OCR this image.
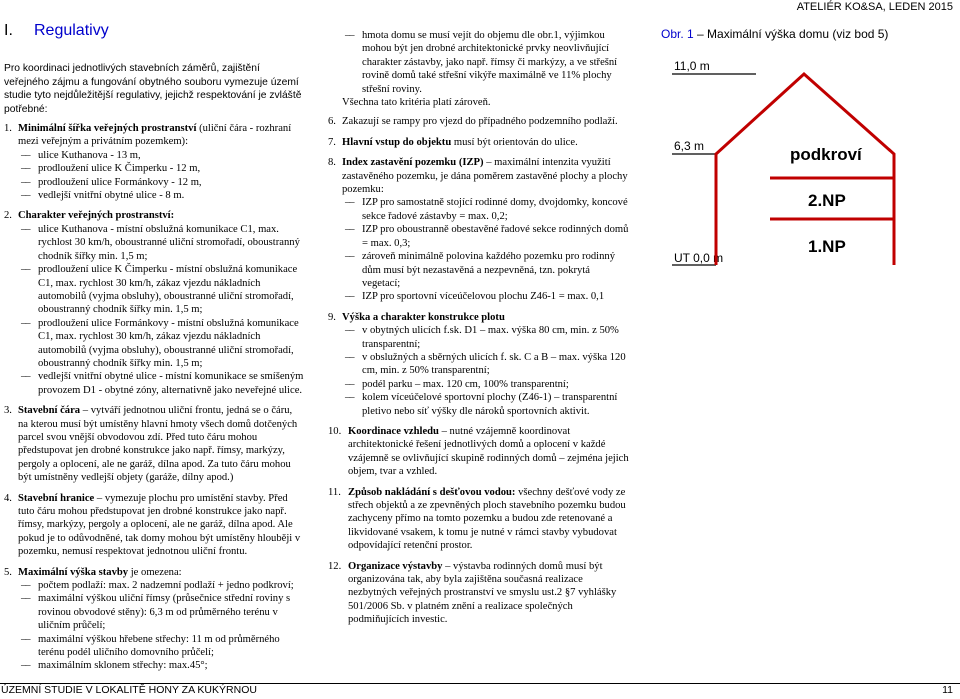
ATELIÉR KO&SA, LEDEN 2015
I. Regulativy

Pro koordinaci jednotlivých stavebních záměrů, zajištění veřejného zájmu a fungování obytného souboru vymezuje území studie tyto nejdůležitější regulativy, jejichž respektování je zvláště potřebné:

1. Minimální šířka veřejných prostranství (uliční čára - rozhraní mezi veřejným a privátním pozemkem):
–– ulice Kuthanova - 13 m,
–– prodloužení ulice K Čimperku - 12 m,
–– prodloužení ulice Formánkovy - 12 m,
–– vedlejší vnitřní obytné ulice - 8 m.
2. Charakter veřejných prostranství:
–– ulice Kuthanova - místní obslužná komunikace C1, max. rychlost 30 km/h, oboustranné uliční stromořadí, oboustranný chodník šířky min. 1,5 m;
–– prodloužení ulice K Čimperku - místní obslužná komunikace C1, max. rychlost 30 km/h, zákaz vjezdu nákladních automobilů (vyjma obsluhy), oboustranné uliční stromořadí, oboustranný chodník šířky min. 1,5 m;
–– prodloužení ulice Formánkovy - místní obslužná komunikace C1, max. rychlost 30 km/h, zákaz vjezdu nákladních automobilů (vyjma obsluhy), oboustranné uliční stromořadí, oboustranný chodník šířky min. 1,5 m;
–– vedlejší vnitřní obytné ulice - místní komunikace se smíšeným provozem D1 - obytné zóny, alternativně jako neveřejné ulice.
3. Stavební čára – vytváří jednotnou uliční frontu, jedná se o čáru, na kterou musí být umístěny hlavní hmoty všech domů dotčených parcel svou vnější obvodovou zdí. Před tuto čáru mohou předstupovat jen drobné konstrukce jako např. římsy, markýzy, pergoly a oplocení, ale ne garáž, dílna apod. Za tuto čáru mohou být umístněny vedlejší objety (garáže, dílny apod.)
4. Stavební hranice – vymezuje plochu pro umístění stavby. Před tuto čáru mohou předstupovat jen drobné konstrukce jako např. římsy, markýzy, pergoly a oplocení, ale ne garáž, dílna apod. Ale pokud je to odůvodněné, tak domy mohou být umístěny hlouběji v pozemku, nemusí respektovat jednotnou uliční frontu.
5. Maximální výška stavby je omezena:
–– počtem podlaží: max. 2 nadzemní podlaží + jedno podkroví;
–– maximální výškou uliční římsy (průsečnice střední roviny s rovinou obvodové stěny): 6,3 m od průměrného terénu v uličním průčelí;
–– maximální výškou hřebene střechy: 11 m od průměrného terénu podél uličního domovního průčelí;
–– maximálním sklonem střechy: max.45°;
–– hmota domu se musí vejít do objemu dle obr.1, výjimkou mohou být jen drobné architektonické prvky neovlivňující charakter zástavby, jako např. římsy či markýzy, a ve střešní rovině domů také střešní vikýře maximálně ve 11% plochy střešní roviny.
Všechna tato kritéria platí zároveň.
6. Zakazují se rampy pro vjezd do případného podzemního podlaží.
7. Hlavní vstup do objektu musí být orientován do ulice.
8. Index zastavění pozemku (IZP) – maximální intenzita využití zastavěného pozemku, je dána poměrem zastavěné plochy a plochy pozemku:
–– IZP pro samostatně stojící rodinné domy, dvojdomky, koncové sekce řadové zástavby = max. 0,2;
–– IZP pro oboustranně obestavěné řadové sekce rodinných domů = max. 0,3;
–– zároveň minimálně polovina každého pozemku pro rodinný dům musí být nezastavěná a nezpevněná, tzn. pokrytá vegetací;
–– IZP pro sportovní víceúčelovou plochu Z46-1 = max. 0,1
9. Výška a charakter konstrukce plotu
–– v obytných ulicích f.sk. D1 – max. výška 80 cm, min. z 50% transparentní;
–– v obslužných a sběrných ulicích f. sk. C a B – max. výška 120 cm, min. z 50% transparentní;
–– podél parku – max. 120 cm, 100% transparentní;
–– kolem víceúčelové sportovní plochy (Z46-1) – transparentní pletivo nebo síť výšky dle nároků sportovních aktivit.
10. Koordinace vzhledu – nutné vzájemně koordinovat architektonické řešení jednotlivých domů a oplocení v každé vzájemně se ovlivňující skupině rodinných domů – zejména jejich objem, tvar a vzhled.
11. Způsob nakládání s dešťovou vodou: všechny dešťové vody ze střech objektů a ze zpevněných ploch stavebního pozemku budou zachyceny přímo na tomto pozemku a budou zde retenované a likvidované vsakem, k tomu je nutné v rámci stavby vybudovat odpovídající retenční prostor.
12. Organizace výstavby – výstavba rodinných domů musí být organizována tak, aby byla zajištěna současná realizace nezbytných veřejných prostranství ve smyslu ust.2 §7 vyhlášky 501/2006 Sb. v platném znění a realizace společných podmiňujících investic.
Obr. 1 – Maximální výška domu (viz bod 5)
11,0 m
6,3 m
UT 0,0 m
podkroví
2.NP
1.NP
ÚZEMNÍ STUDIE V LOKALITĚ HONY ZA KUKÝRNOU	11
